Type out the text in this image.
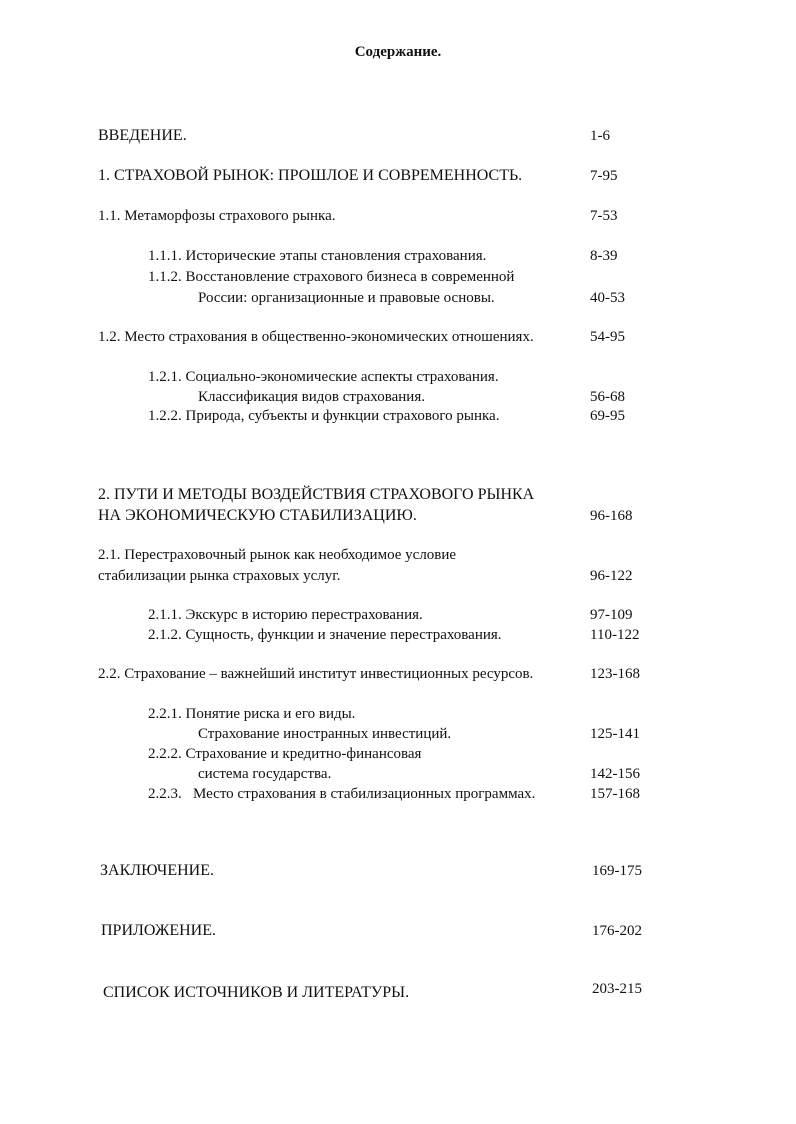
Содержание.
ВВЕДЕНИЕ.	1-6
1. СТРАХОВОЙ РЫНОК: ПРОШЛОЕ И СОВРЕМЕННОСТЬ.	7-95
1.1. Метаморфозы страхового рынка.	7-53
1.1.1. Исторические этапы становления страхования.	8-39
1.1.2. Восстановление страхового бизнеса в современной
России: организационные и правовые основы.	40-53
1.2. Место страхования в общественно-экономических отношениях.	54-95
1.2.1. Социально-экономические аспекты страхования.
Классификация видов страхования.	56-68
1.2.2. Природа, субъекты и функции страхового рынка.	69-95
2. ПУТИ И МЕТОДЫ ВОЗДЕЙСТВИЯ СТРАХОВОГО РЫНКА
НА ЭКОНОМИЧЕСКУЮ СТАБИЛИЗАЦИЮ.	96-168
2.1. Перестраховочный рынок как необходимое условие
стабилизации рынка страховых услуг.	96-122
2.1.1. Экскурс в историю перестрахования.	97-109
2.1.2. Сущность, функции и значение перестрахования.	110-122
2.2. Страхование – важнейший институт инвестиционных ресурсов.	123-168
2.2.1. Понятие риска и его виды.
Страхование иностранных инвестиций.	125-141
2.2.2. Страхование и кредитно-финансовая
система государства.	142-156
2.2.3.   Место страхования в стабилизационных программах.	157-168
ЗАКЛЮЧЕНИЕ.	169-175
ПРИЛОЖЕНИЕ.	176-202
СПИСОК ИСТОЧНИКОВ И ЛИТЕРАТУРЫ.	203-215
